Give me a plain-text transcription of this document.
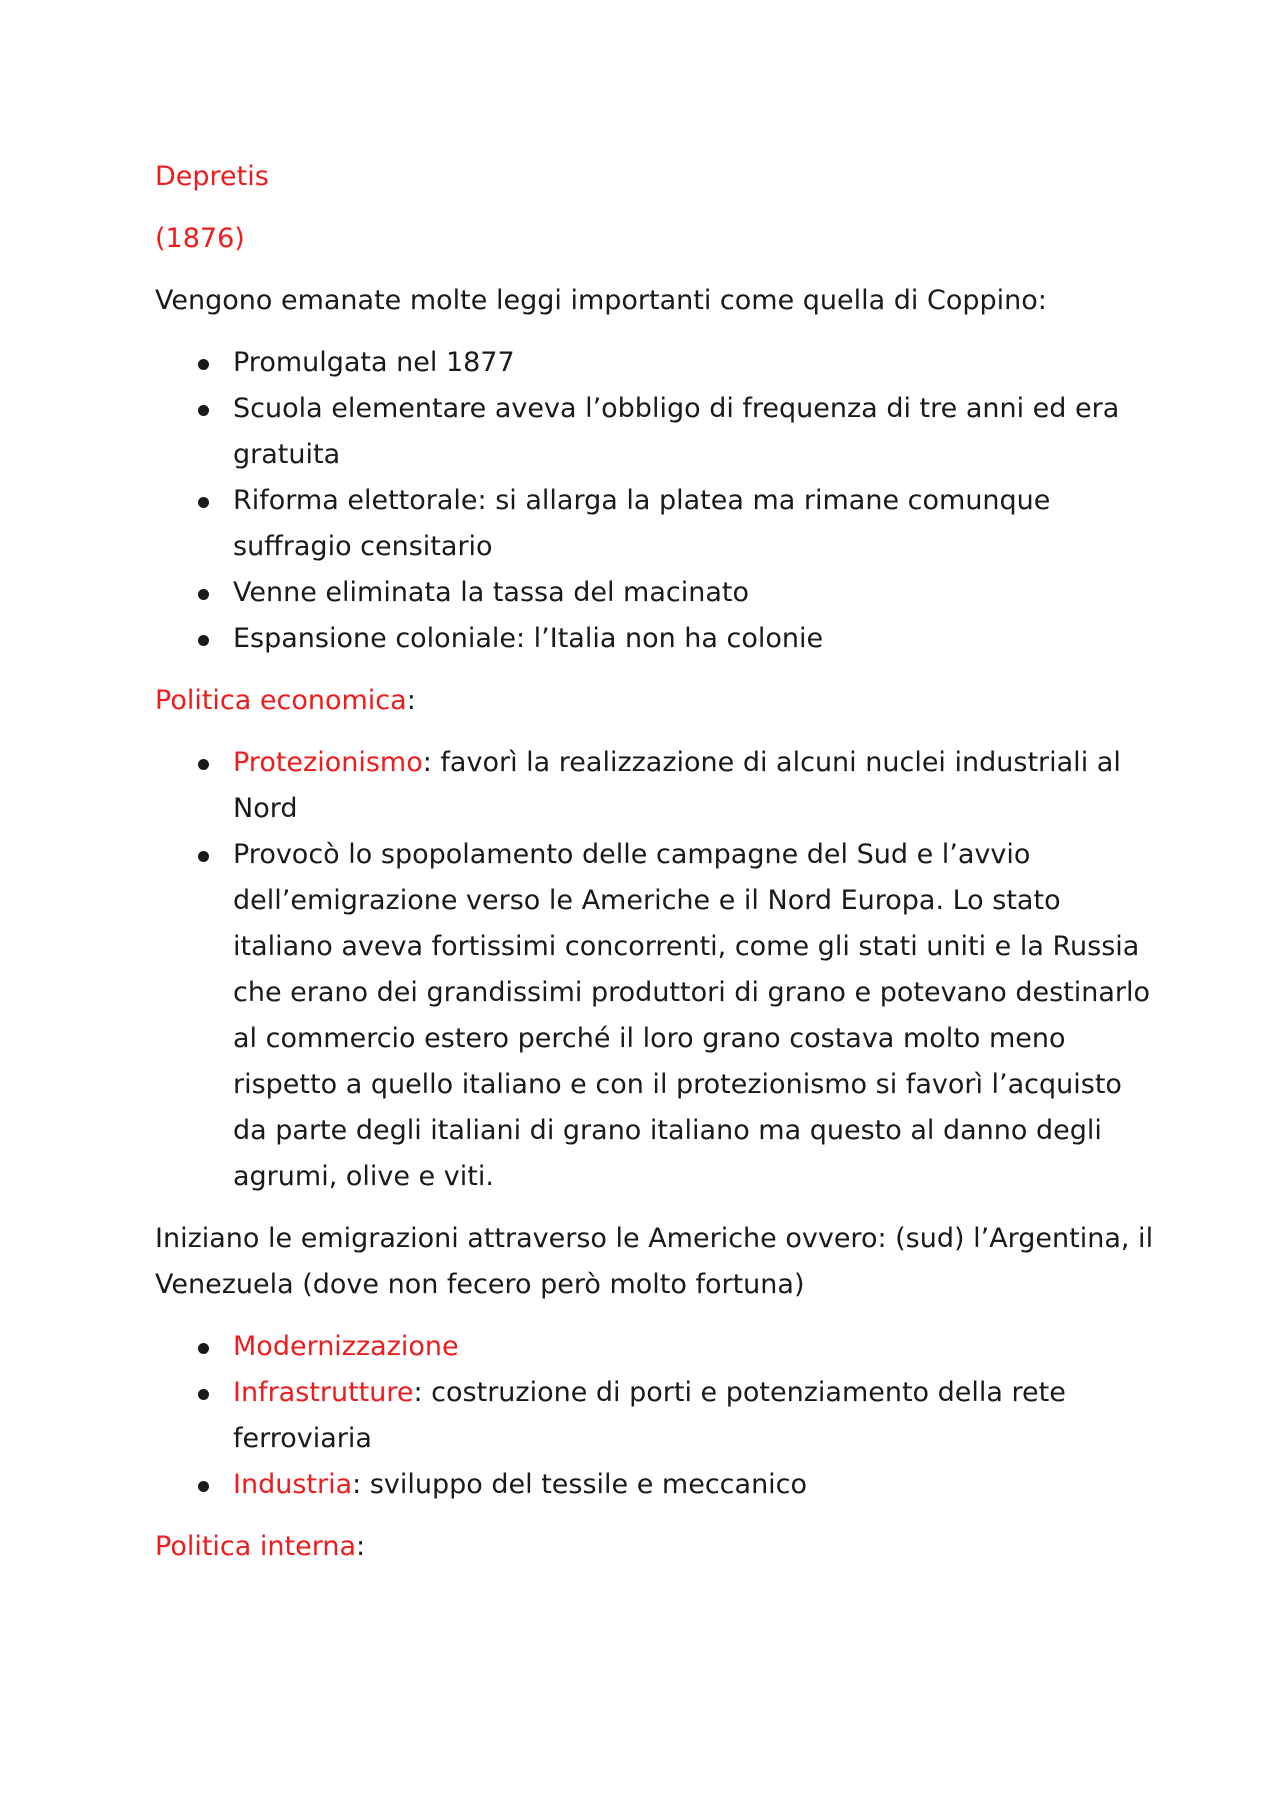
Depretis

(1876)

Vengono emanate molte leggi importanti come quella di Coppino:

Promulgata nel 1877
Scuola elementare aveva l’obbligo di frequenza di tre anni ed era gratuita
Riforma elettorale: si allarga la platea ma rimane comunque suffragio censitario
Venne eliminata la tassa del macinato
Espansione coloniale: l’Italia non ha colonie

Politica economica:

Protezionismo: favorì la realizzazione di alcuni nuclei industriali al Nord
Provocò lo spopolamento delle campagne del Sud e l’avvio dell’emigrazione verso le Americhe e il Nord Europa. Lo stato italiano aveva fortissimi concorrenti, come gli stati uniti e la Russia che erano dei grandissimi produttori di grano e potevano destinarlo al commercio estero perché il loro grano costava molto meno rispetto a quello italiano e con il protezionismo si favorì l’acquisto da parte degli italiani di grano italiano ma questo al danno degli agrumi, olive e viti.

Iniziano le emigrazioni attraverso le Americhe ovvero: (sud) l’Argentina, il Venezuela (dove non fecero però molto fortuna)

Modernizzazione
Infrastrutture: costruzione di porti e potenziamento della rete ferroviaria
Industria: sviluppo del tessile e meccanico

Politica interna:
